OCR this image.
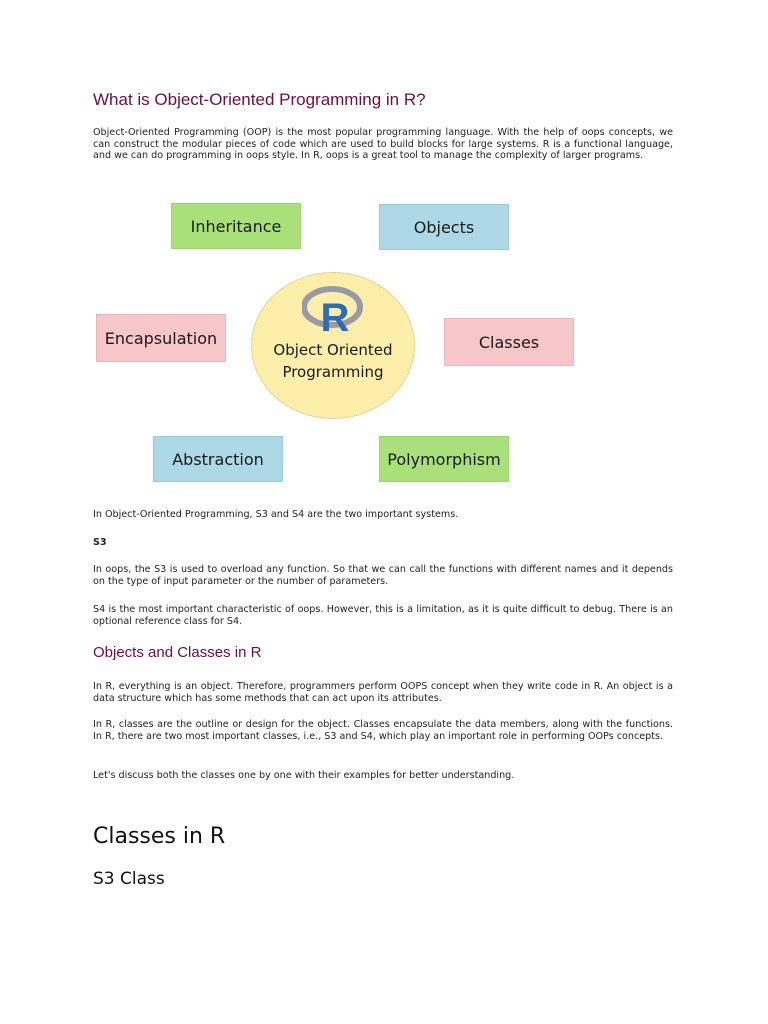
What is Object-Oriented Programming in R?

Object-Oriented Programming (OOP) is the most popular programming language. With the help of oops concepts, we can construct the modular pieces of code which are used to build blocks for large systems. R is a functional language, and we can do programming in oops style. In R, oops is a great tool to manage the complexity of larger programs.

Inheritance	Objects
Encapsulation	Classes
Abstraction	Polymorphism
R
Object Oriented
Programming

In Object-Oriented Programming, S3 and S4 are the two important systems.

S3

In oops, the S3 is used to overload any function. So that we can call the functions with different names and it depends on the type of input parameter or the number of parameters.

S4 is the most important characteristic of oops. However, this is a limitation, as it is quite difficult to debug. There is an optional reference class for S4.

Objects and Classes in R

In R, everything is an object. Therefore, programmers perform OOPS concept when they write code in R. An object is a data structure which has some methods that can act upon its attributes.

In R, classes are the outline or design for the object. Classes encapsulate the data members, along with the functions. In R, there are two most important classes, i.e., S3 and S4, which play an important role in performing OOPs concepts.

Let's discuss both the classes one by one with their examples for better understanding.

Classes in R
S3 Class
